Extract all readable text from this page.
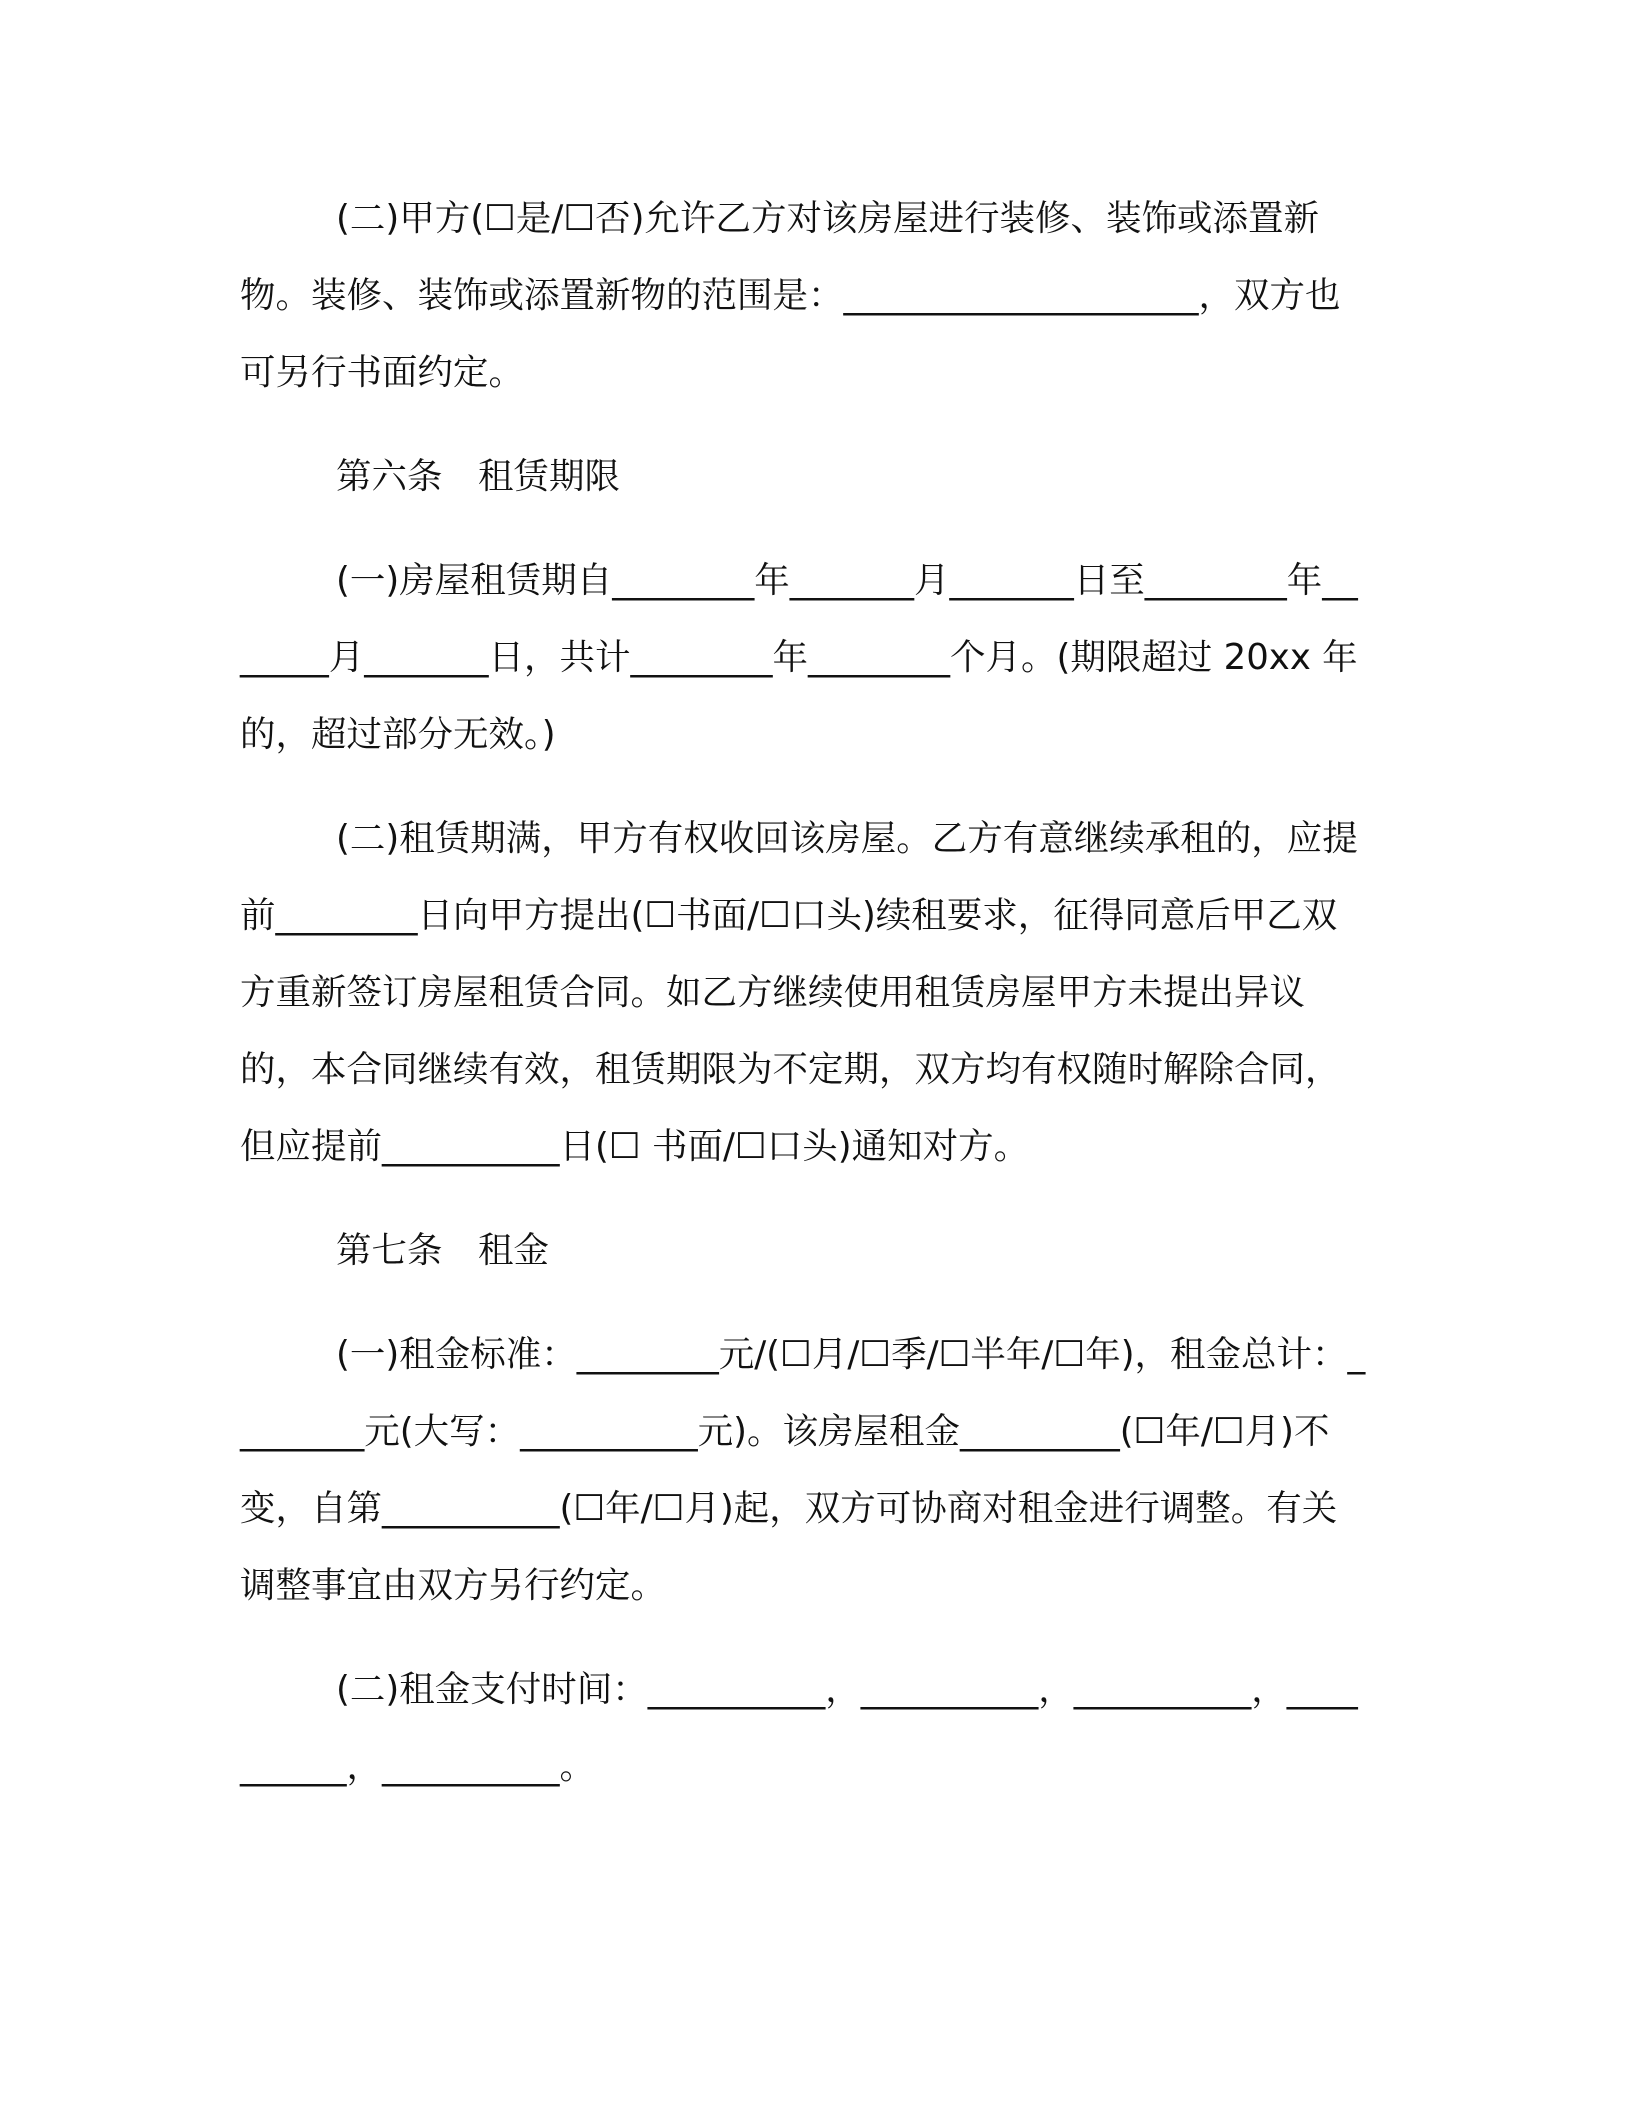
(二)甲方(☐是/☐否)允许乙方对该房屋进行装修、装饰或添置新物。装修、装饰或添置新物的范围是：____________________，双方也可另行书面约定。

第六条　租赁期限

(一)房屋租赁期自________年_______月_______日至________年_______月_______日，共计________年________个月。(期限超过 20xx 年的，超过部分无效。)

(二)租赁期满，甲方有权收回该房屋。乙方有意继续承租的，应提前________日向甲方提出(☐书面/☐口头)续租要求，征得同意后甲乙双方重新签订房屋租赁合同。如乙方继续使用租赁房屋甲方未提出异议的，本合同继续有效，租赁期限为不定期，双方均有权随时解除合同，但应提前__________日(☐ 书面/☐口头)通知对方。

第七条　租金

(一)租金标准：________元/(☐月/☐季/☐半年/☐年)，租金总计：________元(大写：__________元)。该房屋租金_________(☐年/☐月)不变，自第__________(☐年/☐月)起，双方可协商对租金进行调整。有关调整事宜由双方另行约定。

(二)租金支付时间：__________，__________，__________，__________，__________。
